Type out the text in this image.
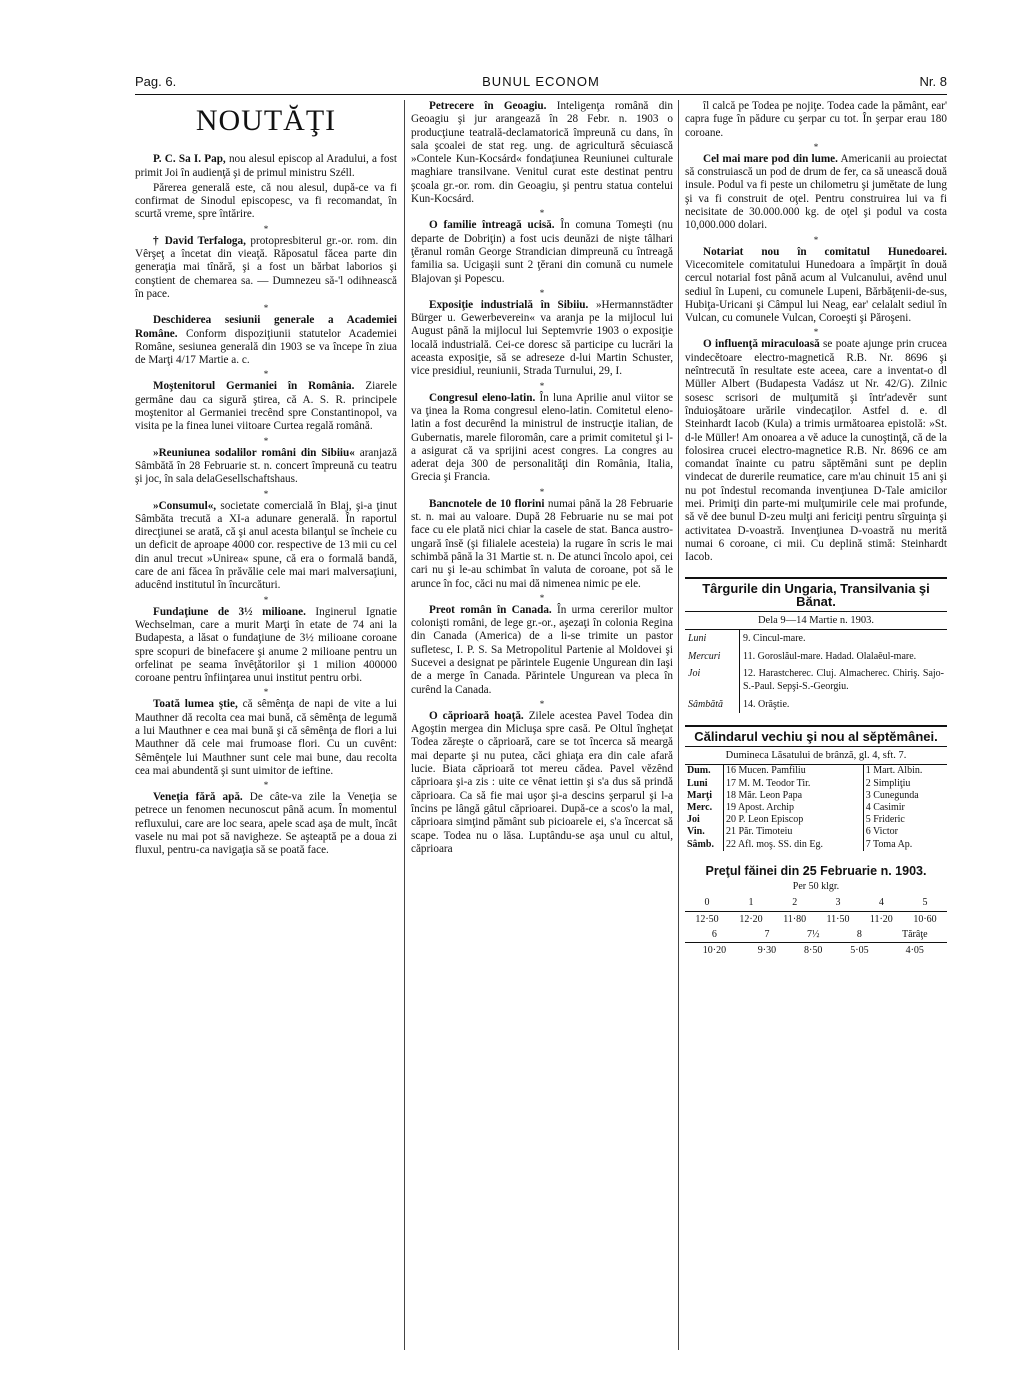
Pag. 6.	BUNUL ECONOM	Nr. 8
NOUTĂŢI

P. C. Sa I. Pap, nou alesul episcop al Aradului, a fost primit Joi în audienţă şi de primul ministru Széll.

Părerea generală este, că nou alesul, după-ce va fi confirmat de Sinodul episcopesc, va fi recomandat, în scurtă vreme, spre întărire.

*

† David Terfaloga, protopresbiterul gr.-or. rom. din Vêrşeţ a încetat din vieaţă. Răposatul făcea parte din generaţia mai tînără, şi a fost un bărbat laborios şi conştient de chemarea sa. — Dumnezeu să-'l odihnească în pace.

*

Deschiderea sesiunii generale a Academiei Române. Conform dispoziţiunii statutelor Academiei Române, sesiunea generală din 1903 se va începe în ziua de Marţi 4/17 Martie a. c.

*

Moştenitorul Germaniei în România. Ziarele germâne dau ca sigură ştirea, că A. S. R. principele moştenitor al Germaniei trecênd spre Constantinopol, va visita pe la finea lunei viitoare Curtea regală română.

*

»Reuniunea sodalilor români din Sibiiu« aranjază Sâmbătă în 28 Februarie st. n. concert împreună cu teatru şi joc, în sala delaGesellschaftshaus.

*

»Consumul«, societate comercială în Blaj, şi-a ţinut Sâmbăta trecută a XI-a adunare generală. În raportul direcţiunei se arată, că şi anul acesta bilanţul se încheie cu un deficit de aproape 4000 cor. respective de 13 mii cu cel din anul trecut »Unirea« spune, că era o formală bandă, care de ani făcea în prăvălie cele mai mari malversaţiuni, aducênd institutul în încurcături.

*

Fundaţiune de 3½ milioane. Inginerul Ignatie Wechselman, care a murit Marţi în etate de 74 ani la Budapesta, a lăsat o fundaţiune de 3½ milioane coroane spre scopuri de binefacere şi anume 2 milioane pentru un orfelinat pe seama învêţătorilor şi 1 milion 400000 coroane pentru înfiinţarea unui institut pentru orbi.

*

Toată lumea ştie, că sêmênţa de napi de vite a lui Mauthner dă recolta cea mai bună, că sêmênţa de legumă a lui Mauthner e cea mai bună şi că sêmênţa de flori a lui Mauthner dă cele mai frumoase flori. Cu un cuvênt: Sêmênţele lui Mauthner sunt cele mai bune, dau recolta cea mai abundentă şi sunt uimitor de ieftine.

*

Veneţia fără apă. De câte-va zile la Veneţia se petrece un fenomen necunoscut până acum. În momentul refluxului, care are loc seara, apele scad aşa de mult, încât vasele nu mai pot să navigheze. Se aşteaptă pe a doua zi fluxul, pentru-ca navigaţia să se poată face.

Petrecere în Geoagiu. Inteligenţa română din Geoagiu şi jur arangează în 28 Febr. n. 1903 o producţiune teatrală-declamatorică împreună cu dans, în sala şcoalei de stat reg. ung. de agricultură sêcuiască »Contele Kun-Kocsárd« fondaţiunea Reuniunei culturale maghiare transilvane. Venitul curat este destinat pentru şcoala gr.-or. rom. din Geoagiu, şi pentru statua contelui Kun-Kocsárd.

*

O familie întreagă ucisă. În comuna Tomeşti (nu departe de Dobriţin) a fost ucis deunăzi de nişte tâlhari ţĕranul român George Strandician dimpreună cu întreagă familia sa. Ucigaşii sunt 2 ţĕrani din comună cu numele Blajovan şi Popescu.

*

Exposiţie industrială în Sibiiu. »Hermannstädter Bürger u. Gewerbeverein« va aranja pe la mijlocul lui August până la mijlocul lui Septemvrie 1903 o exposiţie locală industrială. Cei-ce doresc să participe cu lucrări la aceasta exposiţie, să se adreseze d-lui Martin Schuster, vice presidiul, reuniunii, Strada Turnului, 29, I.

*

Congresul eleno-latin. În luna Aprilie anul viitor se va ţinea la Roma congresul eleno-latin. Comitetul eleno-latin a fost decurênd la ministrul de instrucţie italian, de Gubernatis, marele filoromân, care a primit comitetul şi l-a asigurat că va sprijini acest congres. La congres au aderat deja 300 de personalităţi din România, Italia, Grecia şi Francia.

*

Bancnotele de 10 florini numai până la 28 Februarie st. n. mai au valoare. După 28 Februarie nu se mai pot face cu ele plată nici chiar la casele de stat. Banca austro-ungară însĕ (şi filialele acesteia) la rugare în scris le mai schimbă până la 31 Martie st. n. De atunci încolo apoi, cei cari nu şi le-au schimbat în valuta de coroane, pot să le arunce în foc, căci nu mai dă nimenea nimic pe ele.

*

Preot român în Canada. În urma cererilor multor colonişti români, de lege gr.-or., aşezaţi în colonia Regina din Canada (America) de a li-se trimite un pastor sufletesc, I. P. S. Sa Metropolitul Partenie al Moldovei şi Sucevei a designat pe părintele Eugenie Ungurean din Iaşi de a merge în Canada. Părintele Ungurean va pleca în curênd la Canada.

*

O căprioară hoaţă. Zilele acestea Pavel Todea din Agoştin mergea din Micluşa spre casă. Pe Oltul îngheţat Todea zăreşte o căprioară, care se tot încerca să meargă mai departe şi nu putea, căci ghiaţa era din cale afară lucie. Biata căprioară tot mereu cădea. Pavel vĕzênd căprioara şi-a zis : uite ce vênat iettin şi s'a dus să prindă căprioara. Ca să fie mai uşor şi-a descins şerparul şi l-a încins pe lângă gâtul căprioarei. După-ce a scos'o la mal, căprioara simţind pământ sub picioarele ei, s'a încercat să scape. Todea nu o lăsa. Luptându-se aşa unul cu altul, căprioara

îl calcă pe Todea pe nojiţe. Todea cade la pământ, ear' capra fuge în pădure cu şerpar cu tot. În şerpar erau 180 coroane.

*

Cel mai mare pod din lume. Americanii au proiectat să construiască un pod de drum de fer, ca să unească două insule. Podul va fi peste un chilometru şi jumĕtate de lung şi va fi construit de oţel. Pentru construirea lui va fi necisitate de 30.000.000 kg. de oţel şi podul va costa 10,000.000 dolari.

*

Notariat nou în comitatul Hunedoarei. Vicecomitele comitatului Hunedoara a împărţit în două cercul notarial fost până acum al Vulcanului, avênd unul sediul în Lupeni, cu comunele Lupeni, Bărbăţenii-de-sus, Hubiţa-Uricani şi Câmpul lui Neag, ear' celalalt sediul în Vulcan, cu comunele Vulcan, Coroeşti şi Păroşeni.

*

O influenţă miraculoasă se poate ajunge prin crucea vindecĕtoare electro-magnetică R.B. Nr. 8696 şi neîntrecută în resultate este aceea, care a inventat-o dl Müller Albert (Budapesta Vadász ut Nr. 42/G). Zilnic sosesc scrisori de mulţumită şi într'adevĕr sunt înduioşătoare urările vindecaţilor. Astfel d. e. dl Steinhardt Iacob (Kula) a trimis următoarea epistolă: »St. d-le Müller! Am onoarea a vĕ aduce la cunoştinţă, că de la folosirea crucei electro-magnetice R.B. Nr. 8696 ce am comandat înainte cu patru săptĕmâni sunt pe deplin vindecat de durerile reumatice, care m'au chinuit 15 ani şi nu pot îndestul recomanda invenţiunea D-Tale amicilor mei. Primiţi din parte-mi mulţumirile cele mai profunde, să vĕ dee bunul D-zeu mulţi ani fericiţi pentru sîrguinţa şi activitatea D-voastră. Invenţiunea D-voastră nu merită numai 6 coroane, ci mii. Cu deplină stimă: Steinhardt Iacob.

Târgurile din Ungaria, Transilvania şi Bănat.
Dela 9—14 Martie n. 1903.
Luni	9. Cincul-mare.
Mercuri	11. Goroslăul-mare. Hadad. Olalaĕul-mare.
Joi	12. Harastcherec. Cluj. Almacherec. Chiriş. Sajo-S.-Paul. Sepşi-S.-Georgiu.
Sâmbătă	14. Orăştie.
Călindarul vechiu şi nou al sĕptĕmânei.
Dumineca Lăsatului de brânză, gl. 4, sft. 7.
Dum.	16 Mucen. Pamfiliu	1 Mart. Albin.
Luni	17 M. M. Teodor Tir.	2 Simpliţiu
Marţi	18 Măr. Leon Papa	3 Cunegunda
Merc.	19 Apost. Archip	4 Casimir
Joi	20 P. Leon Episcop	5 Frideric
Vin.	21 Păr. Timoteiu	6 Victor
Sâmb.	22 Afl. moş. SS. din Eg.	7 Toma Ap.
Preţul făinei din 25 Februarie n. 1903.
Per 50 klgr.
0	1	2	3	4	5
12·50	12·20	11·80	11·50	11·20	10·60
6	7	7½	8	Tărâţe
10·20	9·30	8·50	5·05	4·05
